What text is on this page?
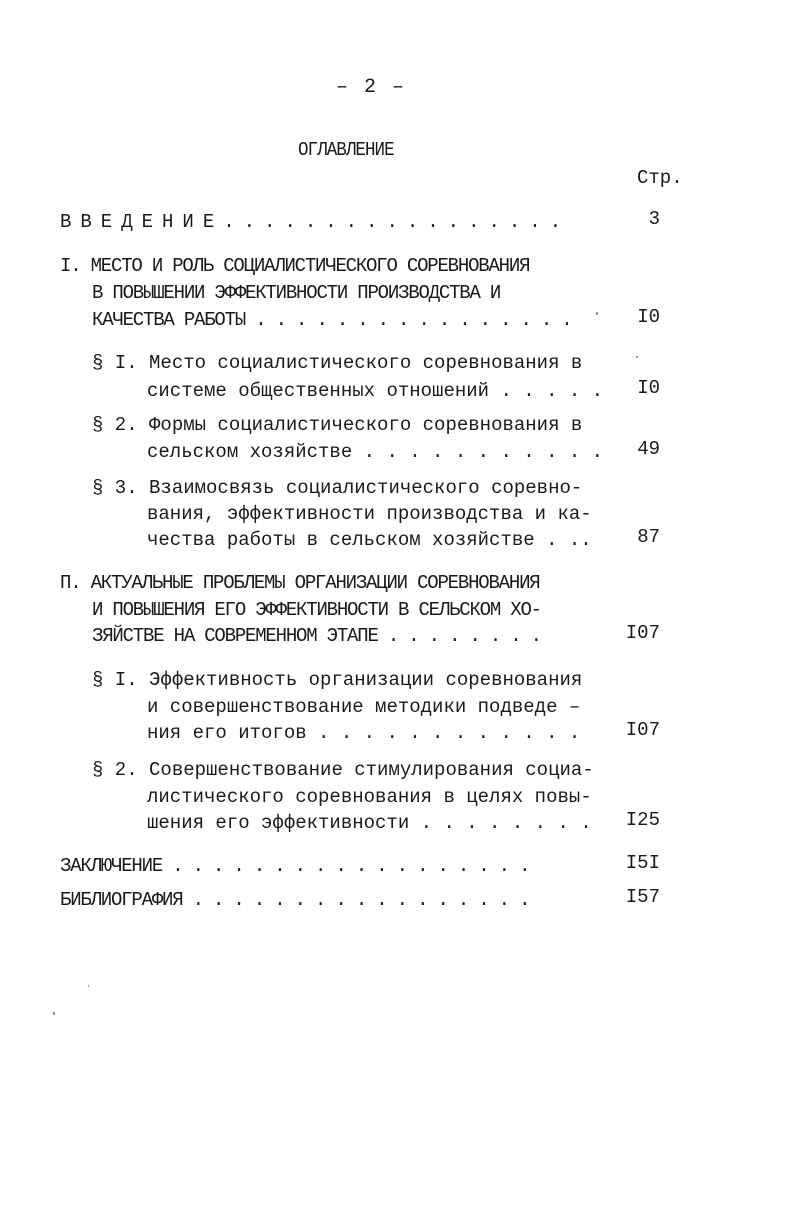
– 2 –
ОГЛАВЛЕНИЕ
Стр.
В В Е Д Е Н И Е . . . . . . . . . . . . . . . . .	3
I. МЕСТО И РОЛЬ СОЦИАЛИСТИЧЕСКОГО СОРЕВНОВАНИЯ
В ПОВЫШЕНИИ ЭФФЕКТИВНОСТИ ПРОИЗВОДСТВА И
КАЧЕСТВА РАБОТЫ . . . . . . . . . . . . . . . .	I0
§ I. Место социалистического соревнования в
системе общественных отношений . . . . .	I0
§ 2. Формы социалистического соревнования в
сельском хозяйстве . . . . . . . . . . .	49
§ 3. Взаимосвязь социалистического соревно-
вания, эффективности производства и ка-
чества работы в сельском хозяйстве . ..	87
П. АКТУАЛЬНЫЕ ПРОБЛЕМЫ ОРГАНИЗАЦИИ СОРЕВНОВАНИЯ
И ПОВЫШЕНИЯ ЕГО ЭФФЕКТИВНОСТИ В СЕЛЬСКОМ ХО-
ЗЯЙСТВЕ НА СОВРЕМЕННОМ ЭТАПЕ . . . . . . . .	I07
§ I. Эффективность организации соревнования
и совершенствование методики подведе –
ния его итогов . . . . . . . . . . . .	I07
§ 2. Совершенствование стимулирования социа-
листического соревнования в целях повы-
шения его эффективности . . . . . . . .	I25
ЗАКЛЮЧЕНИЕ . . . . . . . . . . . . . . . . . .	I5I
БИБЛИОГРАФИЯ . . . . . . . . . . . . . . . . .	I57
